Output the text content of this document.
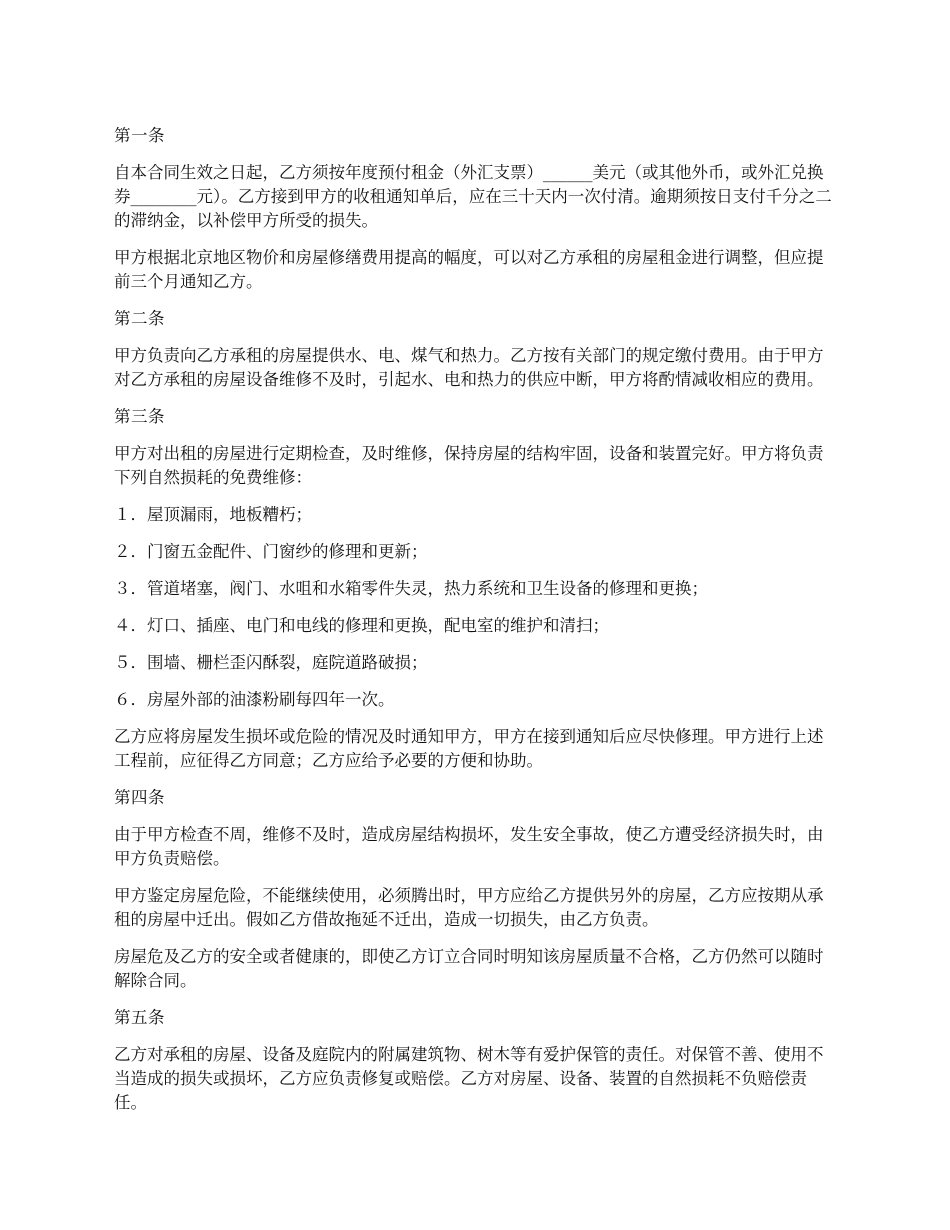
第一条

自本合同生效之日起，乙方须按年度预付租金（外汇支票）______美元（或其他外币，或外汇兑换券________元）。乙方接到甲方的收租通知单后，应在三十天内一次付清。逾期须按日支付千分之二的滞纳金，以补偿甲方所受的损失。

甲方根据北京地区物价和房屋修缮费用提高的幅度，可以对乙方承租的房屋租金进行调整，但应提前三个月通知乙方。

第二条

甲方负责向乙方承租的房屋提供水、电、煤气和热力。乙方按有关部门的规定缴付费用。由于甲方对乙方承租的房屋设备维修不及时，引起水、电和热力的供应中断，甲方将酌情减收相应的费用。

第三条

甲方对出租的房屋进行定期检查，及时维修，保持房屋的结构牢固，设备和装置完好。甲方将负责下列自然损耗的免费维修：

１．屋顶漏雨，地板糟朽；

２．门窗五金配件、门窗纱的修理和更新；

３．管道堵塞，阀门、水咀和水箱零件失灵，热力系统和卫生设备的修理和更换；

４．灯口、插座、电门和电线的修理和更换，配电室的维护和清扫；

５．围墙、栅栏歪闪酥裂，庭院道路破损；

６．房屋外部的油漆粉刷每四年一次。

乙方应将房屋发生损坏或危险的情况及时通知甲方，甲方在接到通知后应尽快修理。甲方进行上述工程前，应征得乙方同意；乙方应给予必要的方便和协助。

第四条

由于甲方检查不周，维修不及时，造成房屋结构损坏，发生安全事故，使乙方遭受经济损失时，由甲方负责赔偿。

甲方鉴定房屋危险，不能继续使用，必须腾出时，甲方应给乙方提供另外的房屋，乙方应按期从承租的房屋中迁出。假如乙方借故拖延不迁出，造成一切损失，由乙方负责。

房屋危及乙方的安全或者健康的，即使乙方订立合同时明知该房屋质量不合格，乙方仍然可以随时解除合同。

第五条

乙方对承租的房屋、设备及庭院内的附属建筑物、树木等有爱护保管的责任。对保管不善、使用不当造成的损失或损坏，乙方应负责修复或赔偿。乙方对房屋、设备、装置的自然损耗不负赔偿责任。
